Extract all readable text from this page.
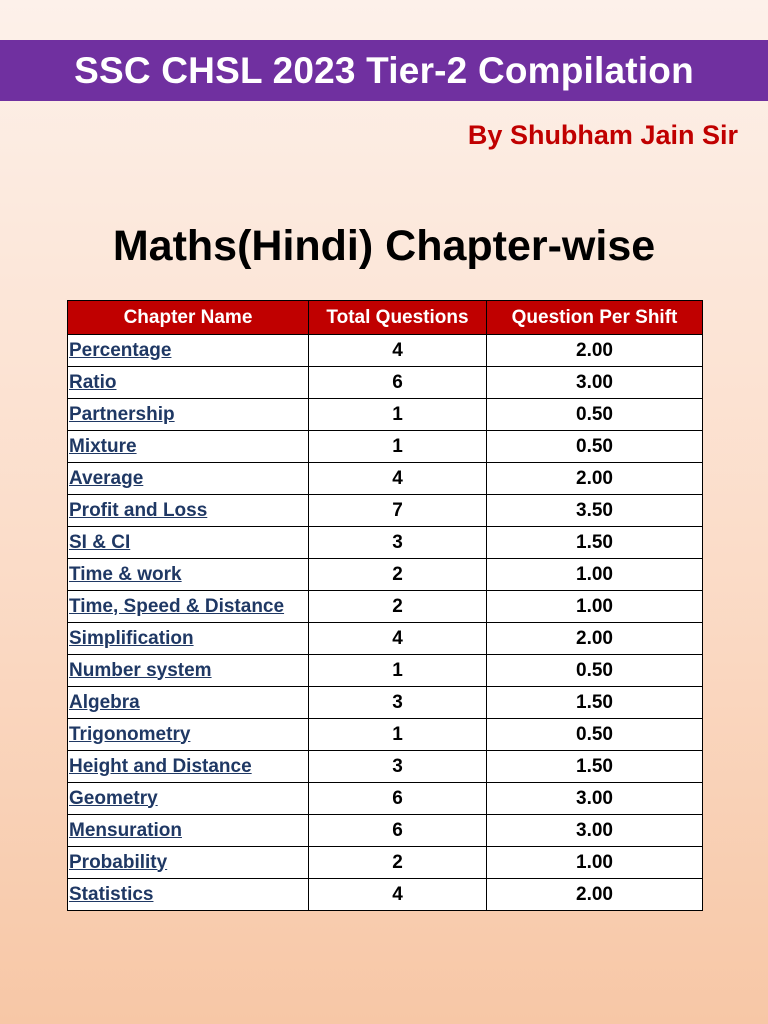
SSC CHSL 2023 Tier-2 Compilation
By Shubham Jain Sir
Maths(Hindi) Chapter-wise
Chapter Name	Total Questions	Question Per Shift
Percentage	4	2.00
Ratio	6	3.00
Partnership	1	0.50
Mixture	1	0.50
Average	4	2.00
Profit and Loss	7	3.50
SI & CI	3	1.50
Time & work	2	1.00
Time, Speed & Distance	2	1.00
Simplification	4	2.00
Number system	1	0.50
Algebra	3	1.50
Trigonometry	1	0.50
Height and Distance	3	1.50
Geometry	6	3.00
Mensuration	6	3.00
Probability	2	1.00
Statistics	4	2.00
